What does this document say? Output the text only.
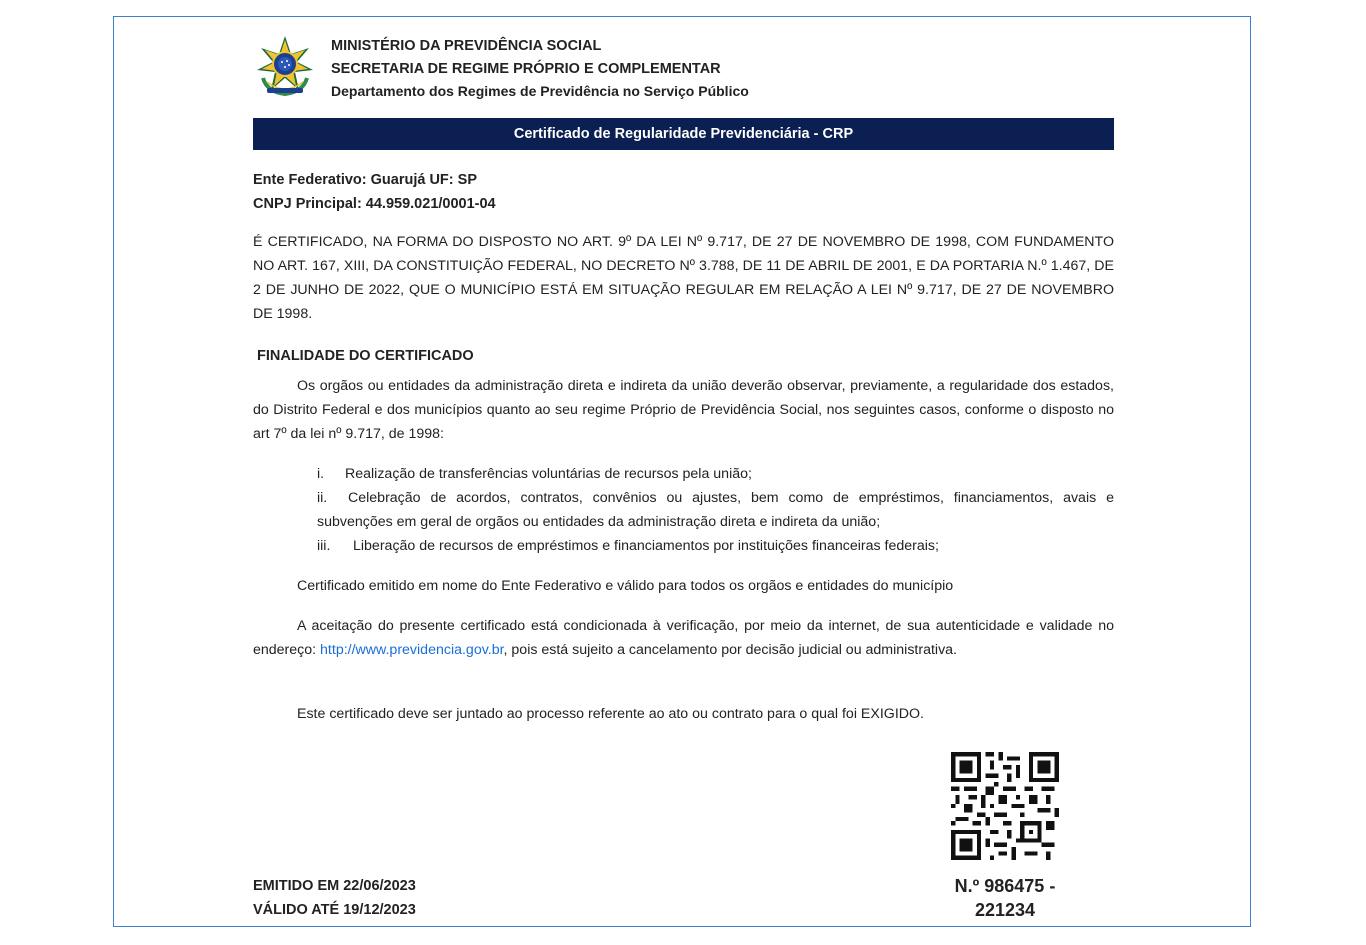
MINISTÉRIO DA PREVIDÊNCIA SOCIAL
SECRETARIA DE REGIME PRÓPRIO E COMPLEMENTAR
Departamento dos Regimes de Previdência no Serviço Público
Certificado de Regularidade Previdenciária - CRP
Ente Federativo: Guarujá UF: SP
CNPJ Principal: 44.959.021/0001-04

É CERTIFICADO, NA FORMA DO DISPOSTO NO ART. 9º DA LEI Nº 9.717, DE 27 DE NOVEMBRO DE 1998, COM FUNDAMENTO NO ART. 167, XIII, DA CONSTITUIÇÃO FEDERAL, NO DECRETO Nº 3.788, DE 11 DE ABRIL DE 2001, E DA PORTARIA N.º 1.467, DE 2 DE JUNHO DE 2022, QUE O MUNICÍPIO ESTÁ EM SITUAÇÃO REGULAR EM RELAÇÃO A LEI Nº 9.717, DE 27 DE NOVEMBRO DE 1998.

FINALIDADE DO CERTIFICADO

Os orgãos ou entidades da administração direta e indireta da união deverão observar, previamente, a regularidade dos estados, do Distrito Federal e dos municípios quanto ao seu regime Próprio de Previdência Social, nos seguintes casos, conforme o disposto no art 7º da lei nº 9.717, de 1998:

i. Realização de transferências voluntárias de recursos pela união;
ii. Celebração de acordos, contratos, convênios ou ajustes, bem como de empréstimos, financiamentos, avais e subvenções em geral de orgãos ou entidades da administração direta e indireta da união;
iii. Liberação de recursos de empréstimos e financiamentos por instituições financeiras federais;

Certificado emitido em nome do Ente Federativo e válido para todos os orgãos e entidades do município

A aceitação do presente certificado está condicionada à verificação, por meio da internet, de sua autenticidade e validade no endereço: http://www.previdencia.gov.br, pois está sujeito a cancelamento por decisão judicial ou administrativa.

Este certificado deve ser juntado ao processo referente ao ato ou contrato para o qual foi EXIGIDO.

EMITIDO EM 22/06/2023
VÁLIDO ATÉ 19/12/2023
N.º 986475 -
221234
